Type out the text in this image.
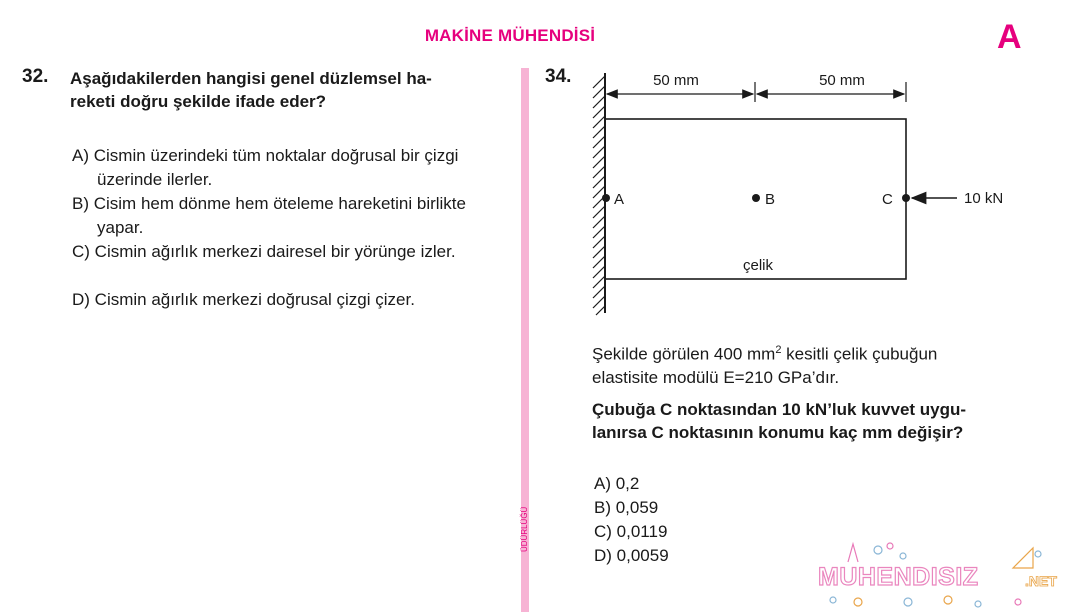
MAKİNE MÜHENDİSİ	A
ÜDÜRLÜĞÜ
32. Aşağıdakilerden hangisi genel düzlemsel ha-
reketi doğru şekilde ifade eder?
A) Cismin üzerindeki tüm noktalar doğrusal bir çizgi üzerinde ilerler.
B) Cisim hem dönme hem öteleme hareketini birlikte yapar.
C) Cismin ağırlık merkezi dairesel bir yörünge izler.
D) Cismin ağırlık merkezi doğrusal çizgi çizer.
34.	50 mm	50 mm
A	B	C	10 kN
çelik
Şekilde görülen 400 $mm^2$ kesitli çelik çubuğun
elastisite modülü E=210 GPa’dır.
Çubuğa C noktasından 10 kN’luk kuvvet uygu-
lanırsa C noktasının konumu kaç mm değişir?
A) 0,2
B) 0,059
C) 0,0119
D) 0,0059
MUHENDISIZ	.NET
